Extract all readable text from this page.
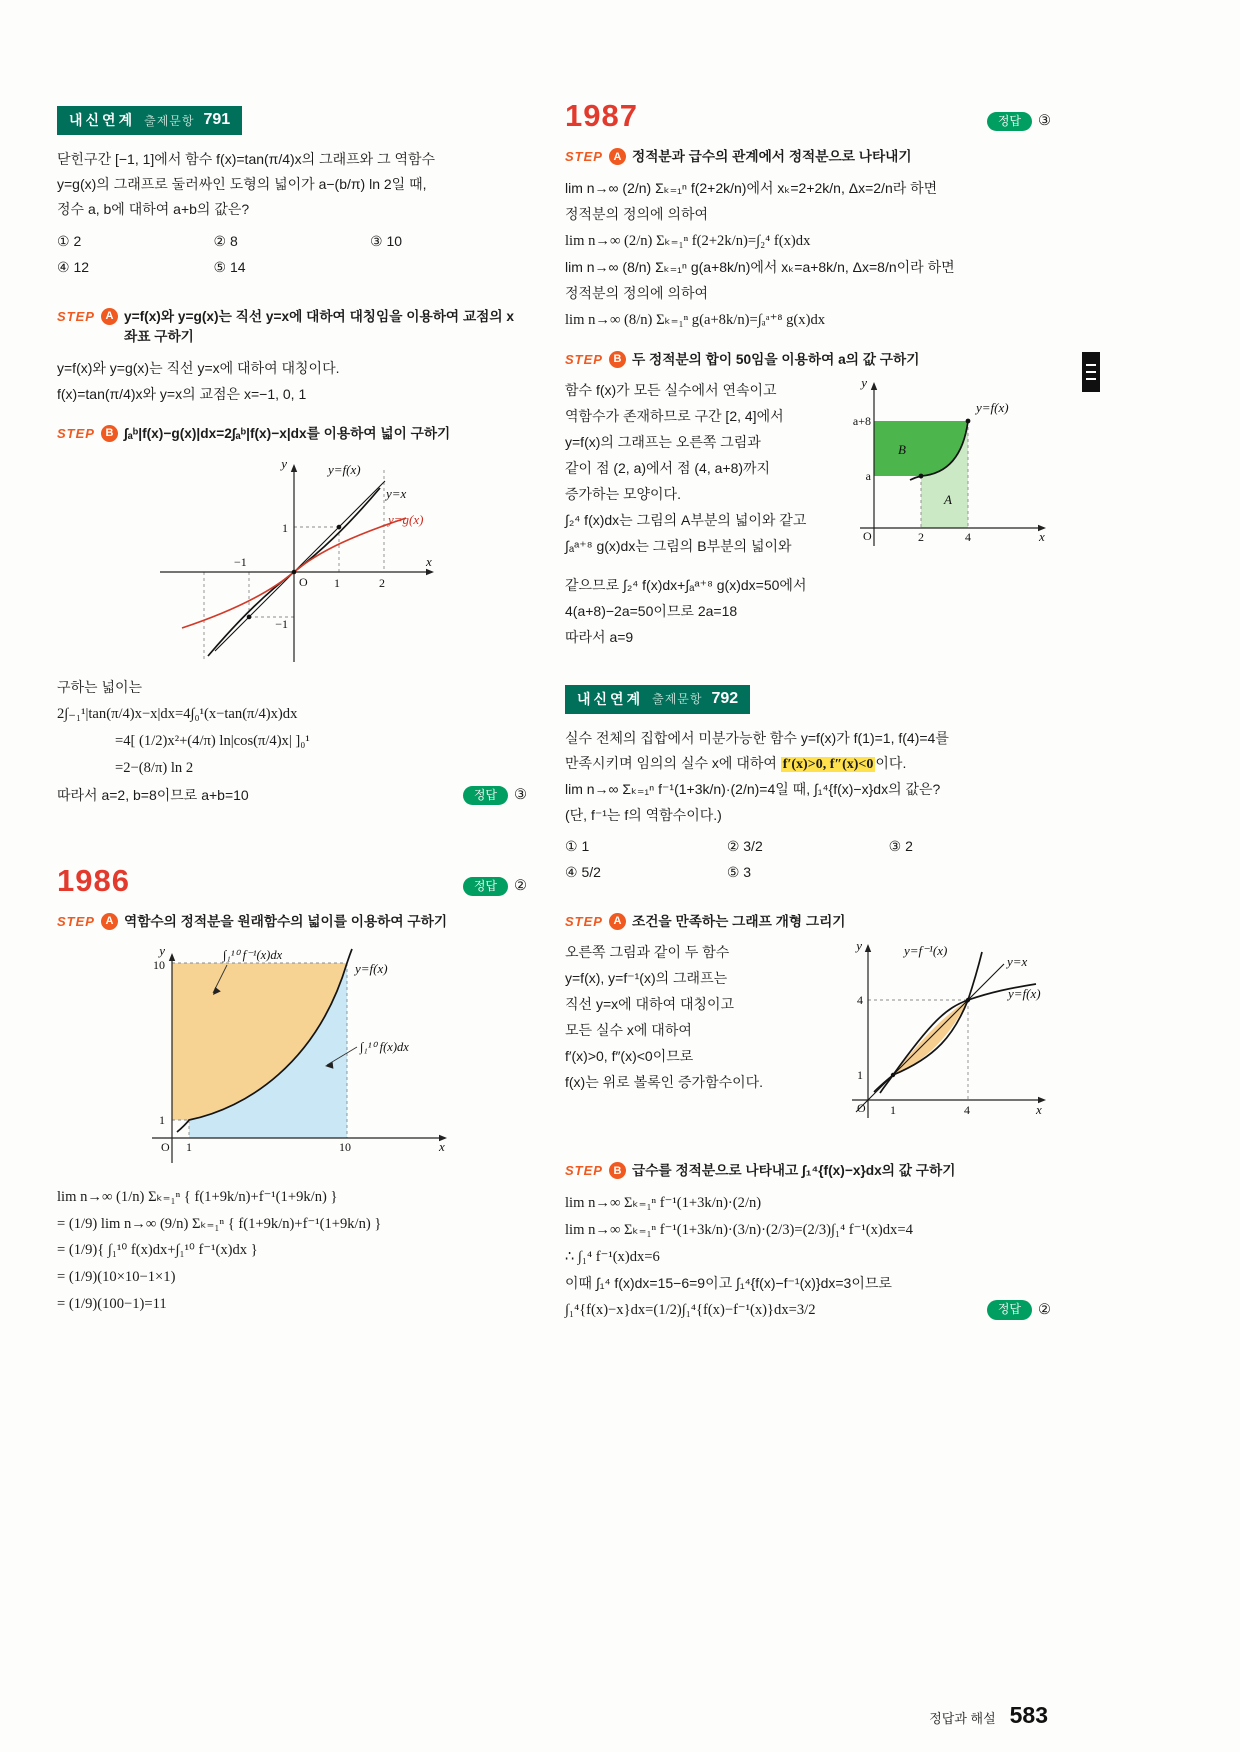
내신연계 출제문항 791
닫힌구간 [−1, 1]에서 함수 f(x)=tan(π/4)x의 그래프와 그 역함수
y=g(x)의 그래프로 둘러싸인 도형의 넓이가 a−(b/π) ln 2일 때,
정수 a, b에 대하여 a+b의 값은?
① 2	② 8	③ 10
④ 12	⑤ 14
STEP A y=f(x)와 y=g(x)는 직선 y=x에 대하여 대칭임을 이용하여 교점의 x좌표 구하기
y=f(x)와 y=g(x)는 직선 y=x에 대하여 대칭이다.
f(x)=tan(π/4)x와 y=x의 교점은 x=−1, 0, 1
STEP B ∫ₐᵇ|f(x)−g(x)|dx=2∫ₐᵇ|f(x)−x|dx를 이용하여 넓이 구하기
y=f(x)
y=x
y=g(x)
y
x
O 1	2
−1
1
−1
구하는 넓이는
2∫₋₁¹|tan(π/4)x−x|dx=4∫₀¹(x−tan(π/4)x)dx
=4[ (1/2)x²+(4/π) ln|cos(π/4)x| ]₀¹
=2−(8/π) ln 2
따라서 a=2, b=8이므로 a+b=10	정답	③
1986	정답	②
STEP A 역함수의 정적분을 원래함수의 넓이를 이용하여 구하기
∫₁¹⁰ f⁻¹(x)dx
∫₁¹⁰ f(x)dx
y=f(x)
y
x
10
1
O 1	10
lim n→∞ (1/n) Σₖ₌₁ⁿ { f(1+9k/n)+f⁻¹(1+9k/n) }
= (1/9) lim n→∞ (9/n) Σₖ₌₁ⁿ { f(1+9k/n)+f⁻¹(1+9k/n) }
= (1/9){ ∫₁¹⁰ f(x)dx+∫₁¹⁰ f⁻¹(x)dx }
= (1/9)(10×10−1×1)
= (1/9)(100−1)=11
1987	정답	③
STEP A 정적분과 급수의 관계에서 정적분으로 나타내기
lim n→∞ (2/n) Σₖ₌₁ⁿ f(2+2k/n)에서 xₖ=2+2k/n, Δx=2/n라 하면
정적분의 정의에 의하여
lim n→∞ (2/n) Σₖ₌₁ⁿ f(2+2k/n)=∫₂⁴ f(x)dx
lim n→∞ (8/n) Σₖ₌₁ⁿ g(a+8k/n)에서 xₖ=a+8k/n, Δx=8/n이라 하면
정적분의 정의에 의하여
lim n→∞ (8/n) Σₖ₌₁ⁿ g(a+8k/n)=∫ₐᵃ⁺⁸ g(x)dx
STEP B 두 정적분의 합이 50임을 이용하여 a의 값 구하기
y=f(x)
a+8
a
B
A
y
x
O	2	4
함수 f(x)가 모든 실수에서 연속이고
역함수가 존재하므로 구간 [2, 4]에서
y=f(x)의 그래프는 오른쪽 그림과
같이 점 (2, a)에서 점 (4, a+8)까지
증가하는 모양이다.
∫₂⁴ f(x)dx는 그림의 A부분의 넓이와 같고
∫ₐᵃ⁺⁸ g(x)dx는 그림의 B부분의 넓이와
같으므로 ∫₂⁴ f(x)dx+∫ₐᵃ⁺⁸ g(x)dx=50에서
4(a+8)−2a=50이므로 2a=18
따라서 a=9
내신연계 출제문항 792
실수 전체의 집합에서 미분가능한 함수 y=f(x)가 f(1)=1, f(4)=4를
만족시키며 임의의 실수 x에 대하여 f′(x)>0, f″(x)<0 이다.
lim n→∞ Σₖ₌₁ⁿ f⁻¹(1+3k/n)·(2/n)=4일 때, ∫₁⁴{f(x)−x}dx의 값은?
(단, f⁻¹는 f의 역함수이다.)
① 1	② 3/2	③ 2
④ 5/2	⑤ 3
STEP A 조건을 만족하는 그래프 개형 그리기
y=f⁻¹(x)
y=x
y=f(x)
y
x
O 1	4
4
1
오른쪽 그림과 같이 두 함수
y=f(x), y=f⁻¹(x)의 그래프는
직선 y=x에 대하여 대칭이고
모든 실수 x에 대하여
f′(x)>0, f″(x)<0이므로
f(x)는 위로 볼록인 증가함수이다.
STEP B 급수를 정적분으로 나타내고 ∫₁⁴{f(x)−x}dx의 값 구하기
lim n→∞ Σₖ₌₁ⁿ f⁻¹(1+3k/n)·(2/n)
lim n→∞ Σₖ₌₁ⁿ f⁻¹(1+3k/n)·(3/n)·(2/3)=(2/3)∫₁⁴ f⁻¹(x)dx=4
∴ ∫₁⁴ f⁻¹(x)dx=6
이때 ∫₁⁴ f(x)dx=15−6=9이고 ∫₁⁴{f(x)−f⁻¹(x)}dx=3이므로
∫₁⁴{f(x)−x}dx=(1/2)∫₁⁴{f(x)−f⁻¹(x)}dx=3/2	정답	②
정답과 해설 583
